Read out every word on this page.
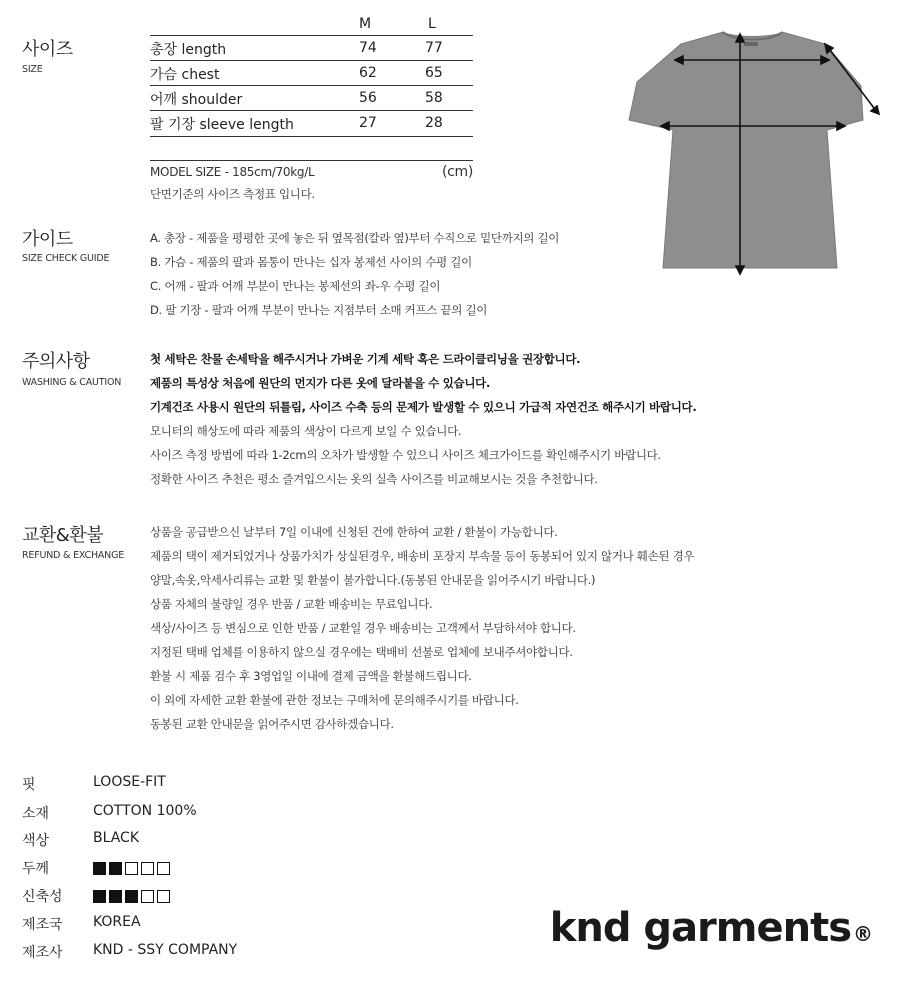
사이즈
SIZE
M	L
총장 length	74	77
가슴 chest	62	65
어깨 shoulder	56	58
팔 기장 sleeve length	27	28
MODEL SIZE - 185cm/70kg/L	(cm)
단면기준의 사이즈 측정표 입니다.
가이드
SIZE CHECK GUIDE
A. 총장 - 제품을 평평한 곳에 놓은 뒤 옆목점(칼라 옆)부터 수직으로 밑단까지의 길이
B. 가슴 - 제품의 팔과 몸통이 만나는 십자 봉제선 사이의 수평 길이
C. 어깨 - 팔과 어깨 부분이 만나는 봉제선의 좌-우 수평 길이
D. 팔 기장 - 팔과 어깨 부분이 만나는 지점부터 소매 커프스 끝의 길이
주의사항
WASHING & CAUTION
첫 세탁은 찬물 손세탁을 해주시거나 가벼운 기계 세탁 혹은 드라이클리닝을 권장합니다.
제품의 특성상 처음에 원단의 먼지가 다른 옷에 달라붙을 수 있습니다.
기계건조 사용시 원단의 뒤틀림, 사이즈 수축 등의 문제가 발생할 수 있으니 가급적 자연건조 해주시기 바랍니다.
모니터의 해상도에 따라 제품의 색상이 다르게 보일 수 있습니다.
사이즈 측정 방법에 따라 1-2cm의 오차가 발생할 수 있으니 사이즈 체크가이드를 확인해주시기 바랍니다.
정확한 사이즈 추천은 평소 즐겨입으시는 옷의 실측 사이즈를 비교해보시는 것을 추천합니다.
교환&환불
REFUND & EXCHANGE
상품을 공급받으신 날부터 7일 이내에 신청된 건에 한하여 교환 / 환불이 가능합니다.
제품의 택이 제거되었거나 상품가치가 상실된경우, 배송비 포장지 부속물 등이 동봉되어 있지 않거나 훼손된 경우
양말,속옷,악세사리류는 교환 및 환불이 불가합니다.(동봉된 안내문을 읽어주시기 바랍니다.)
상품 자체의 불량일 경우 반품 / 교환 배송비는 무료입니다.
색상/사이즈 등 변심으로 인한 반품 / 교환일 경우 배송비는 고객께서 부담하셔야 합니다.
지정된 택배 업체를 이용하지 않으실 경우에는 택배비 선불로 업체에 보내주셔야합니다.
환불 시 제품 검수 후 3영업일 이내에 결제 금액을 환불해드립니다.
이 외에 자세한 교환 환불에 관한 정보는 구매처에 문의해주시기를 바랍니다.
동봉된 교환 안내문을 읽어주시면 감사하겠습니다.
핏	LOOSE-FIT
소재	COTTON 100%
색상	BLACK
두께
신축성
제조국 KOREA
제조사 KND - SSY COMPANY	knd garments ®
